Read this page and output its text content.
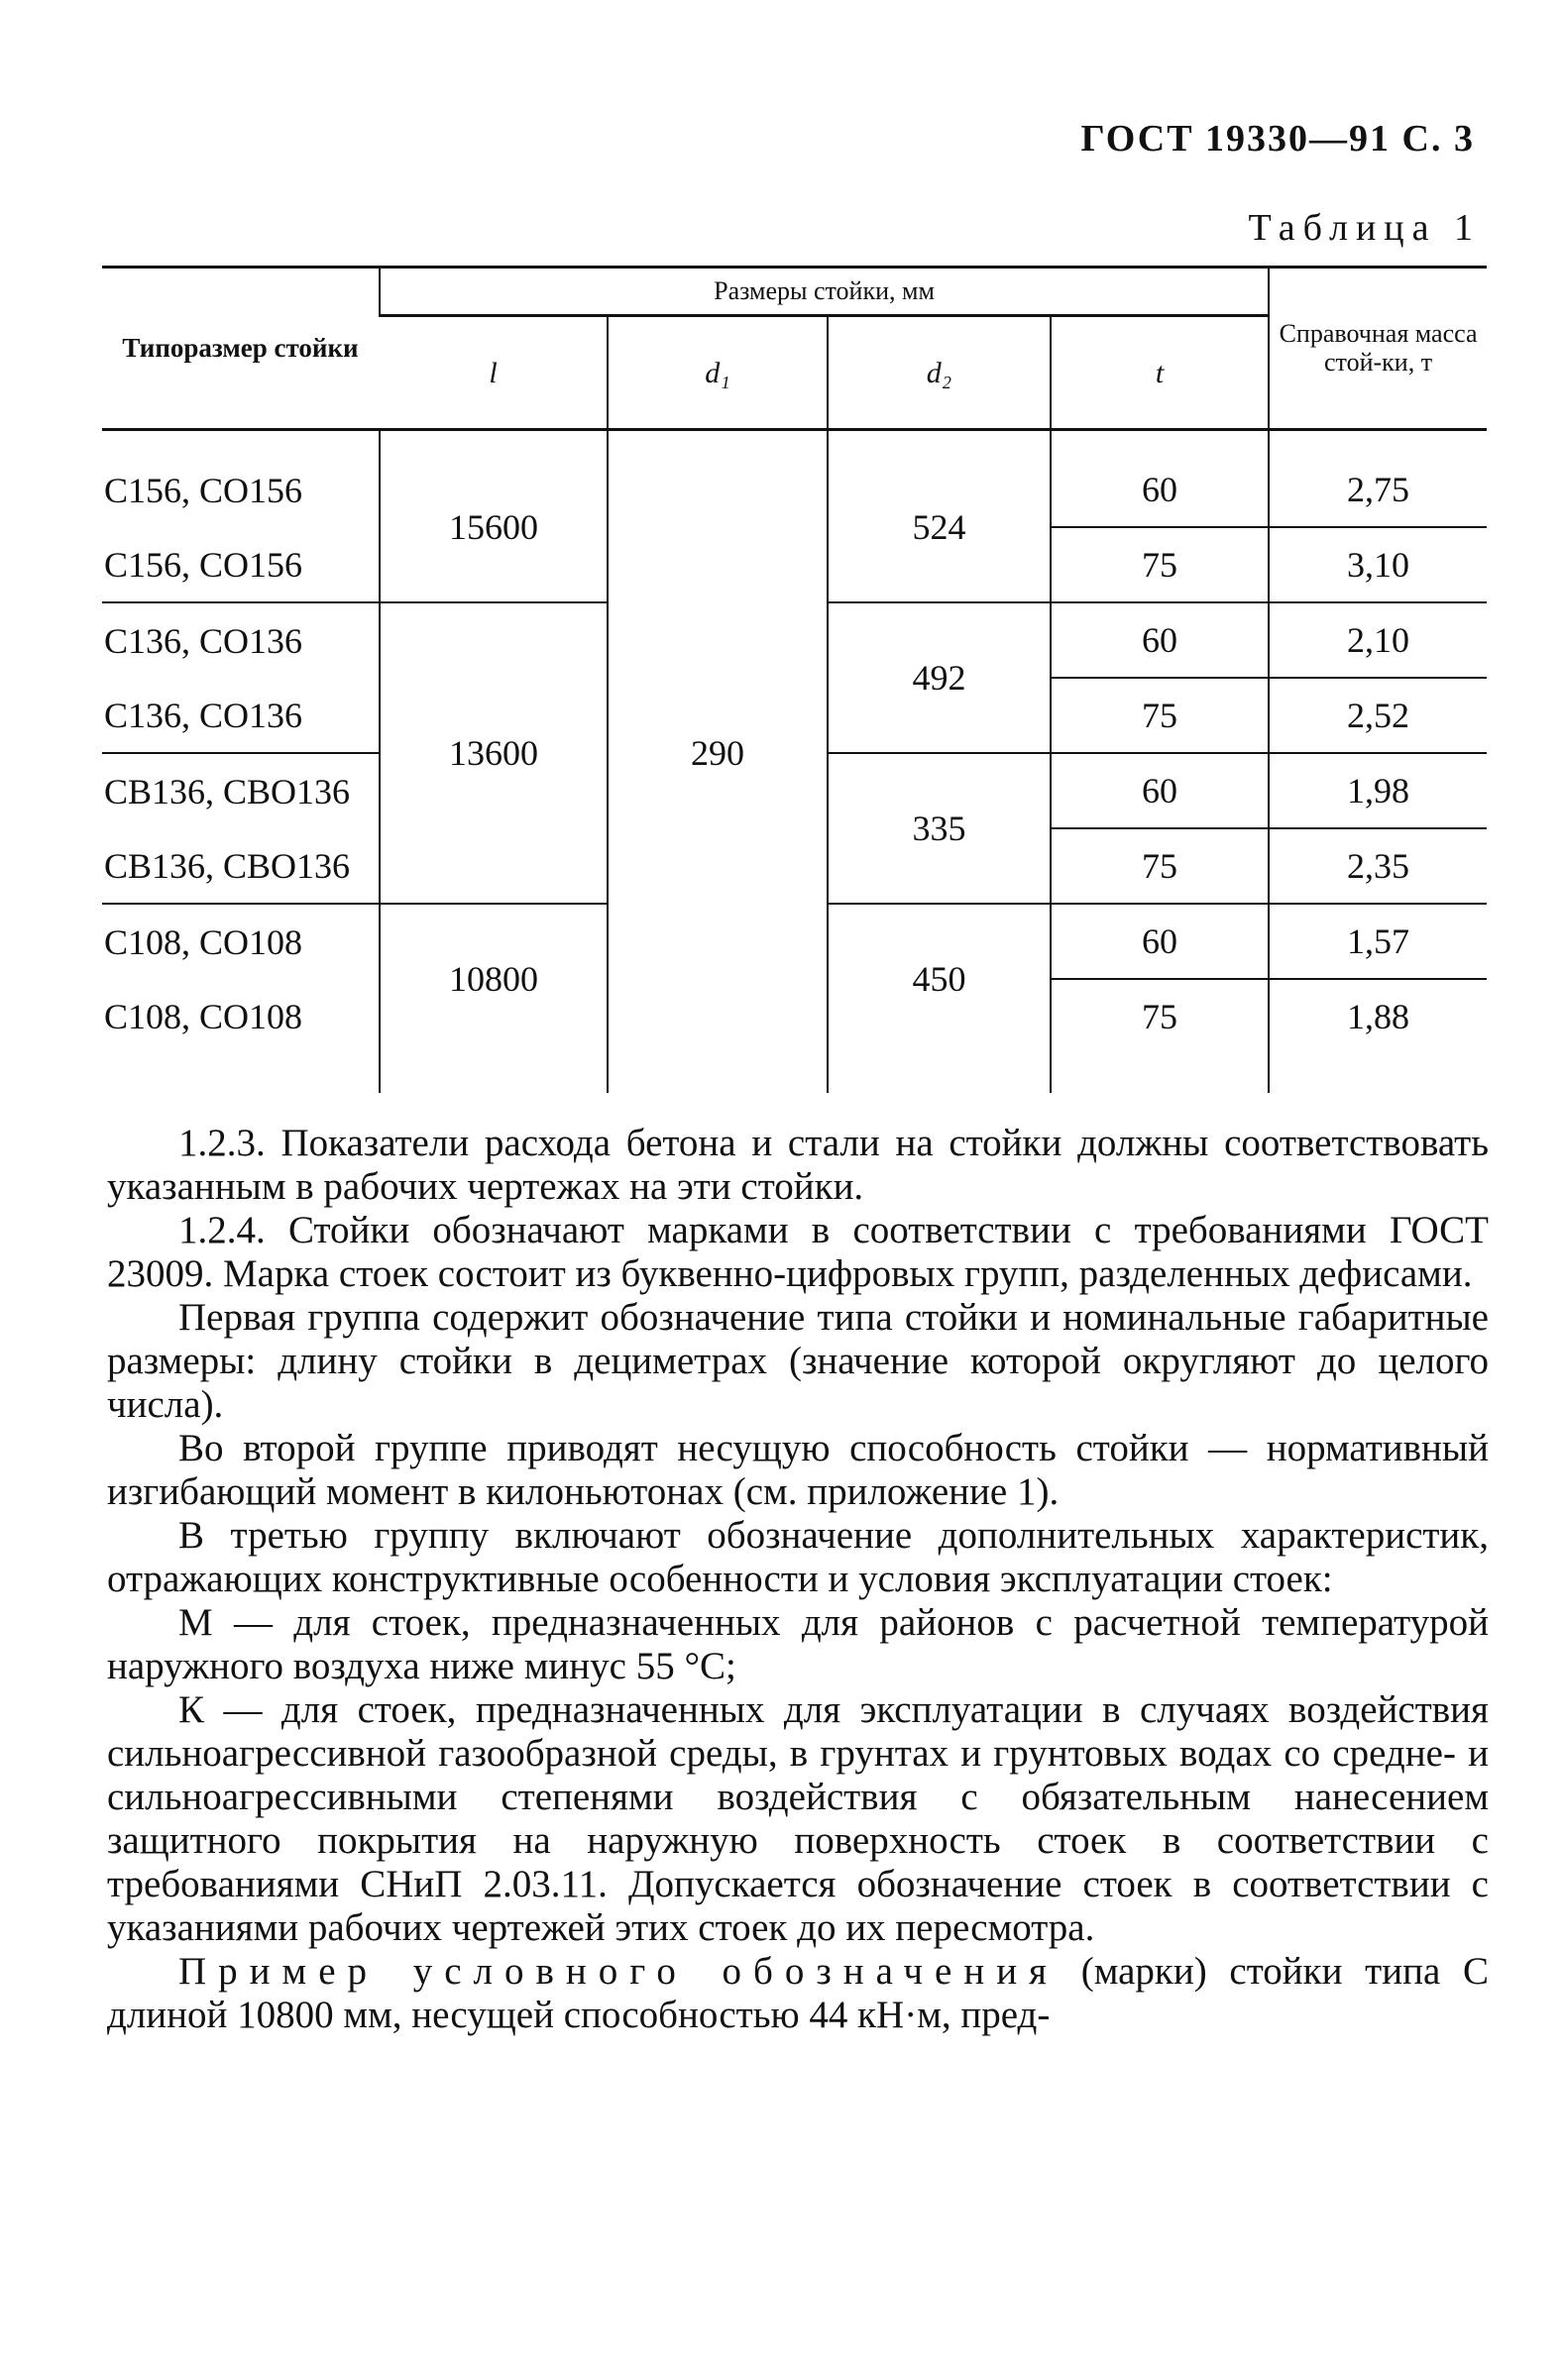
ГОСТ 19330—91 С. 3
Таблица 1
Типоразмер стойки	Размеры стойки, мм				Справочная масса стой-ки, т
	l	d₁	d₂	t	

С156, СО156	15600	290	524	60	2,75
С156, СО156				75	3,10
С136, СО136	13600		492	60	2,10
С136, СО136				75	2,52
СВ136, СВО136			335	60	1,98
СВ136, СВО136				75	2,35
С108, СО108	10800		450	60	1,57
С108, СО108				75	1,88

1.2.3. Показатели расхода бетона и стали на стойки должны соответствовать указанным в рабочих чертежах на эти стойки.

1.2.4. Стойки обозначают марками в соответствии с требованиями ГОСТ 23009. Марка стоек состоит из буквенно-цифровых групп, разделенных дефисами.

Первая группа содержит обозначение типа стойки и номинальные габаритные размеры: длину стойки в дециметрах (значение которой округляют до целого числа).

Во второй группе приводят несущую способность стойки — нормативный изгибающий момент в килоньютонах (см. приложение 1).

В третью группу включают обозначение дополнительных характеристик, отражающих конструктивные особенности и условия эксплуатации стоек:

М — для стоек, предназначенных для районов с расчетной температурой наружного воздуха ниже минус 55 °С;

К — для стоек, предназначенных для эксплуатации в случаях воздействия сильноагрессивной газообразной среды, в грунтах и грунтовых водах со средне- и сильноагрессивными степенями воздействия с обязательным нанесением защитного покрытия на наружную поверхность стоек в соответствии с требованиями СНиП 2.03.11. Допускается обозначение стоек в соответствии с указаниями рабочих чертежей этих стоек до их пересмотра.

Пример условного обозначения (марки) стойки типа С длиной 10800 мм, несущей способностью 44 кН·м, пред-
